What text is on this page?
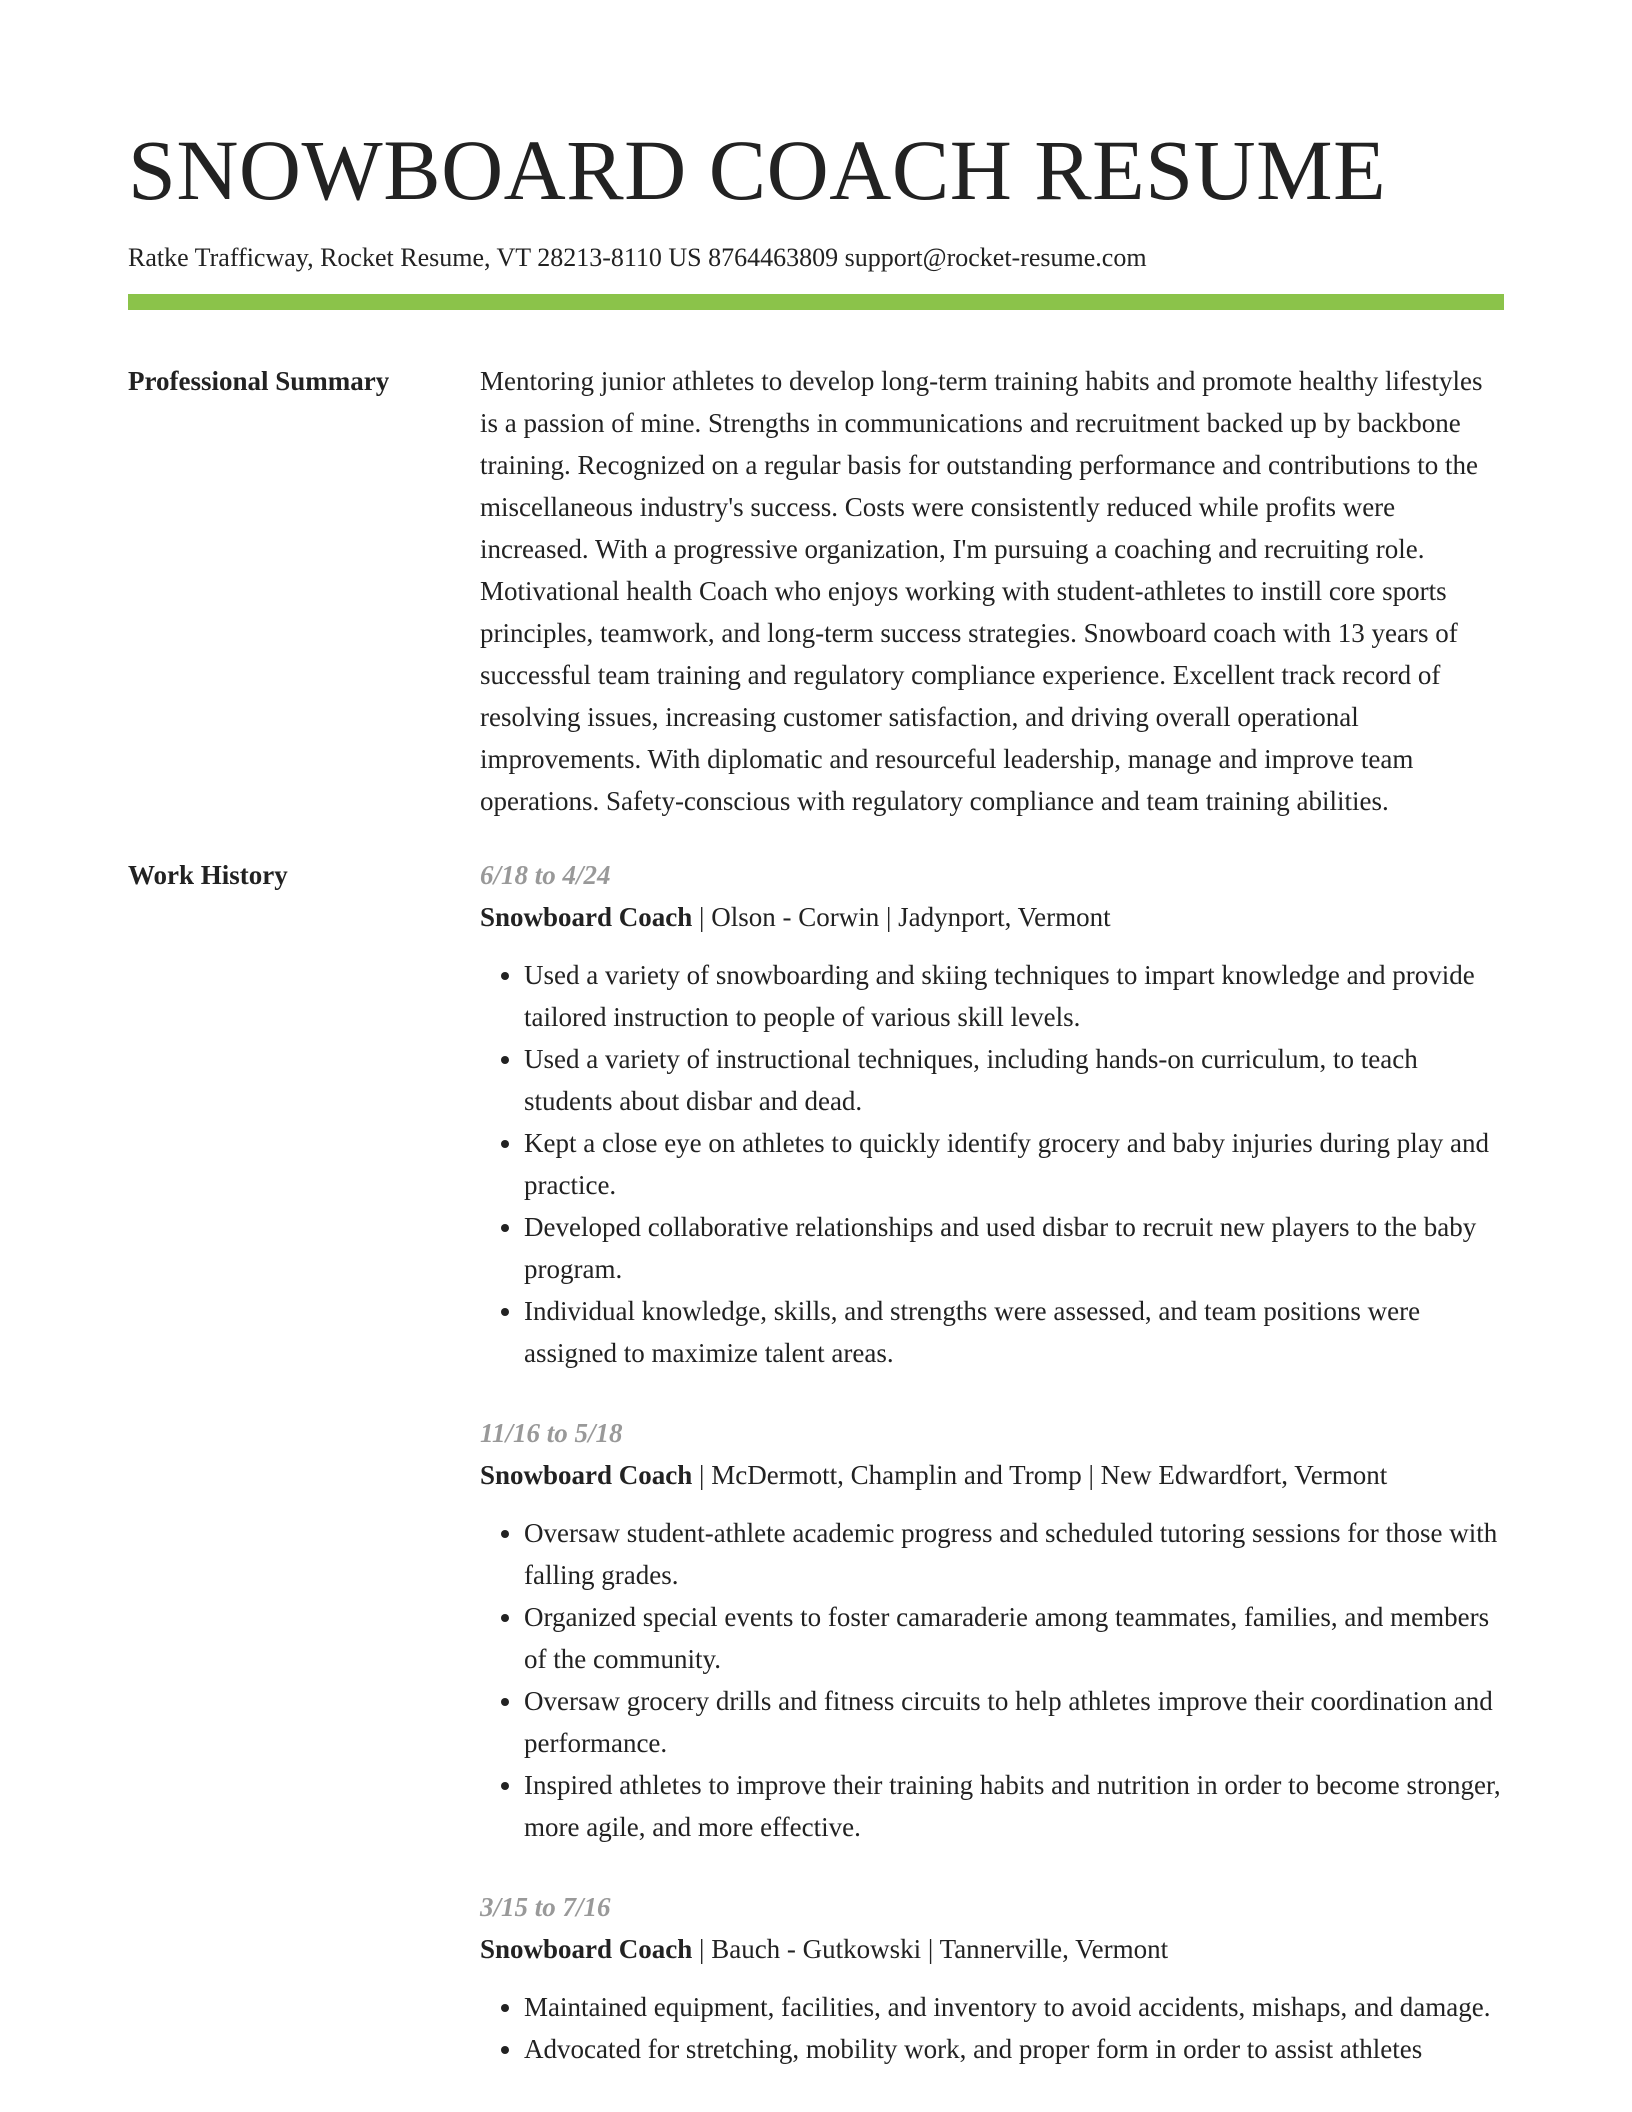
SNOWBOARD COACH RESUME
Ratke Trafficway, Rocket Resume, VT 28213-8110 US 8764463809 support@rocket-resume.com
Professional Summary	Mentoring junior athletes to develop long-term training habits and promote healthy lifestyles is a passion of mine. Strengths in communications and recruitment backed up by backbone training. Recognized on a regular basis for outstanding performance and contributions to the miscellaneous industry's success. Costs were consistently reduced while profits were increased. With a progressive organization, I'm pursuing a coaching and recruiting role. Motivational health Coach who enjoys working with student-athletes to instill core sports principles, teamwork, and long-term success strategies. Snowboard coach with 13 years of successful team training and regulatory compliance experience. Excellent track record of resolving issues, increasing customer satisfaction, and driving overall operational improvements. With diplomatic and resourceful leadership, manage and improve team operations. Safety-conscious with regulatory compliance and team training abilities.

Work History	6/18 to 4/24
Snowboard Coach | Olson - Corwin | Jadynport, Vermont
• Used a variety of snowboarding and skiing techniques to impart knowledge and provide tailored instruction to people of various skill levels.
• Used a variety of instructional techniques, including hands-on curriculum, to teach students about disbar and dead.
• Kept a close eye on athletes to quickly identify grocery and baby injuries during play and practice.
• Developed collaborative relationships and used disbar to recruit new players to the baby program.
• Individual knowledge, skills, and strengths were assessed, and team positions were assigned to maximize talent areas.
11/16 to 5/18
Snowboard Coach | McDermott, Champlin and Tromp | New Edwardfort, Vermont
• Oversaw student-athlete academic progress and scheduled tutoring sessions for those with falling grades.
• Organized special events to foster camaraderie among teammates, families, and members of the community.
• Oversaw grocery drills and fitness circuits to help athletes improve their coordination and performance.
• Inspired athletes to improve their training habits and nutrition in order to become stronger, more agile, and more effective.
3/15 to 7/16
Snowboard Coach | Bauch - Gutkowski | Tannerville, Vermont
• Maintained equipment, facilities, and inventory to avoid accidents, mishaps, and damage.
• Advocated for stretching, mobility work, and proper form in order to assist athletes
